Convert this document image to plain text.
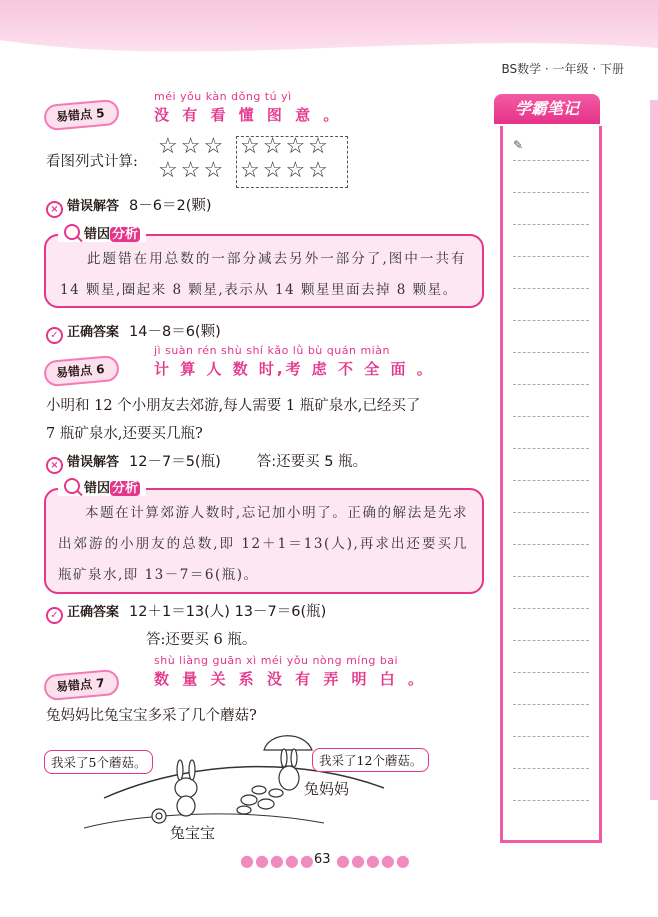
BS数学 · 一年级 · 下册
学霸笔记
✎
易错点 5
méi yǒu kàn dǒng tú yì
没 有 看 懂 图 意 。
看图列式计算:
☆☆☆
☆☆☆
☆☆☆☆
☆☆☆☆
× 错误解答 8－6＝2(颗)
此题错在用总数的一部分减去另外一部分了,图中一共有 14 颗星,圈起来 8 颗星,表示从 14 颗星里面去掉 8 颗星。
错因 分析
✓ 正确答案 14－8＝6(颗)
易错点 6
jì suàn rén shù shí kǎo lǜ bù quán miàn
计 算 人 数 时,考 虑 不 全 面 。
小明和 12 个小朋友去郊游,每人需要 1 瓶矿泉水,已经买了
7 瓶矿泉水,还要买几瓶?
× 错误解答 12－7＝5(瓶) 答:还要买 5 瓶。
本题在计算郊游人数时,忘记加小明了。正确的解法是先求出郊游的小朋友的总数,即 12＋1＝13(人),再求出还要买几瓶矿泉水,即 13－7＝6(瓶)。
错因 分析
✓ 正确答案 12＋1＝13(人) 13－7＝6(瓶)
答:还要买 6 瓶。
易错点 7
shù liàng guān xì méi yǒu nòng míng bai
数 量 关 系 没 有 弄 明 白 。
兔妈妈比兔宝宝多采了几个蘑菇?
我采了5个蘑菇。	我采了12个蘑菇。
兔妈妈
兔宝宝
●●●●● 63 ●●●●●
